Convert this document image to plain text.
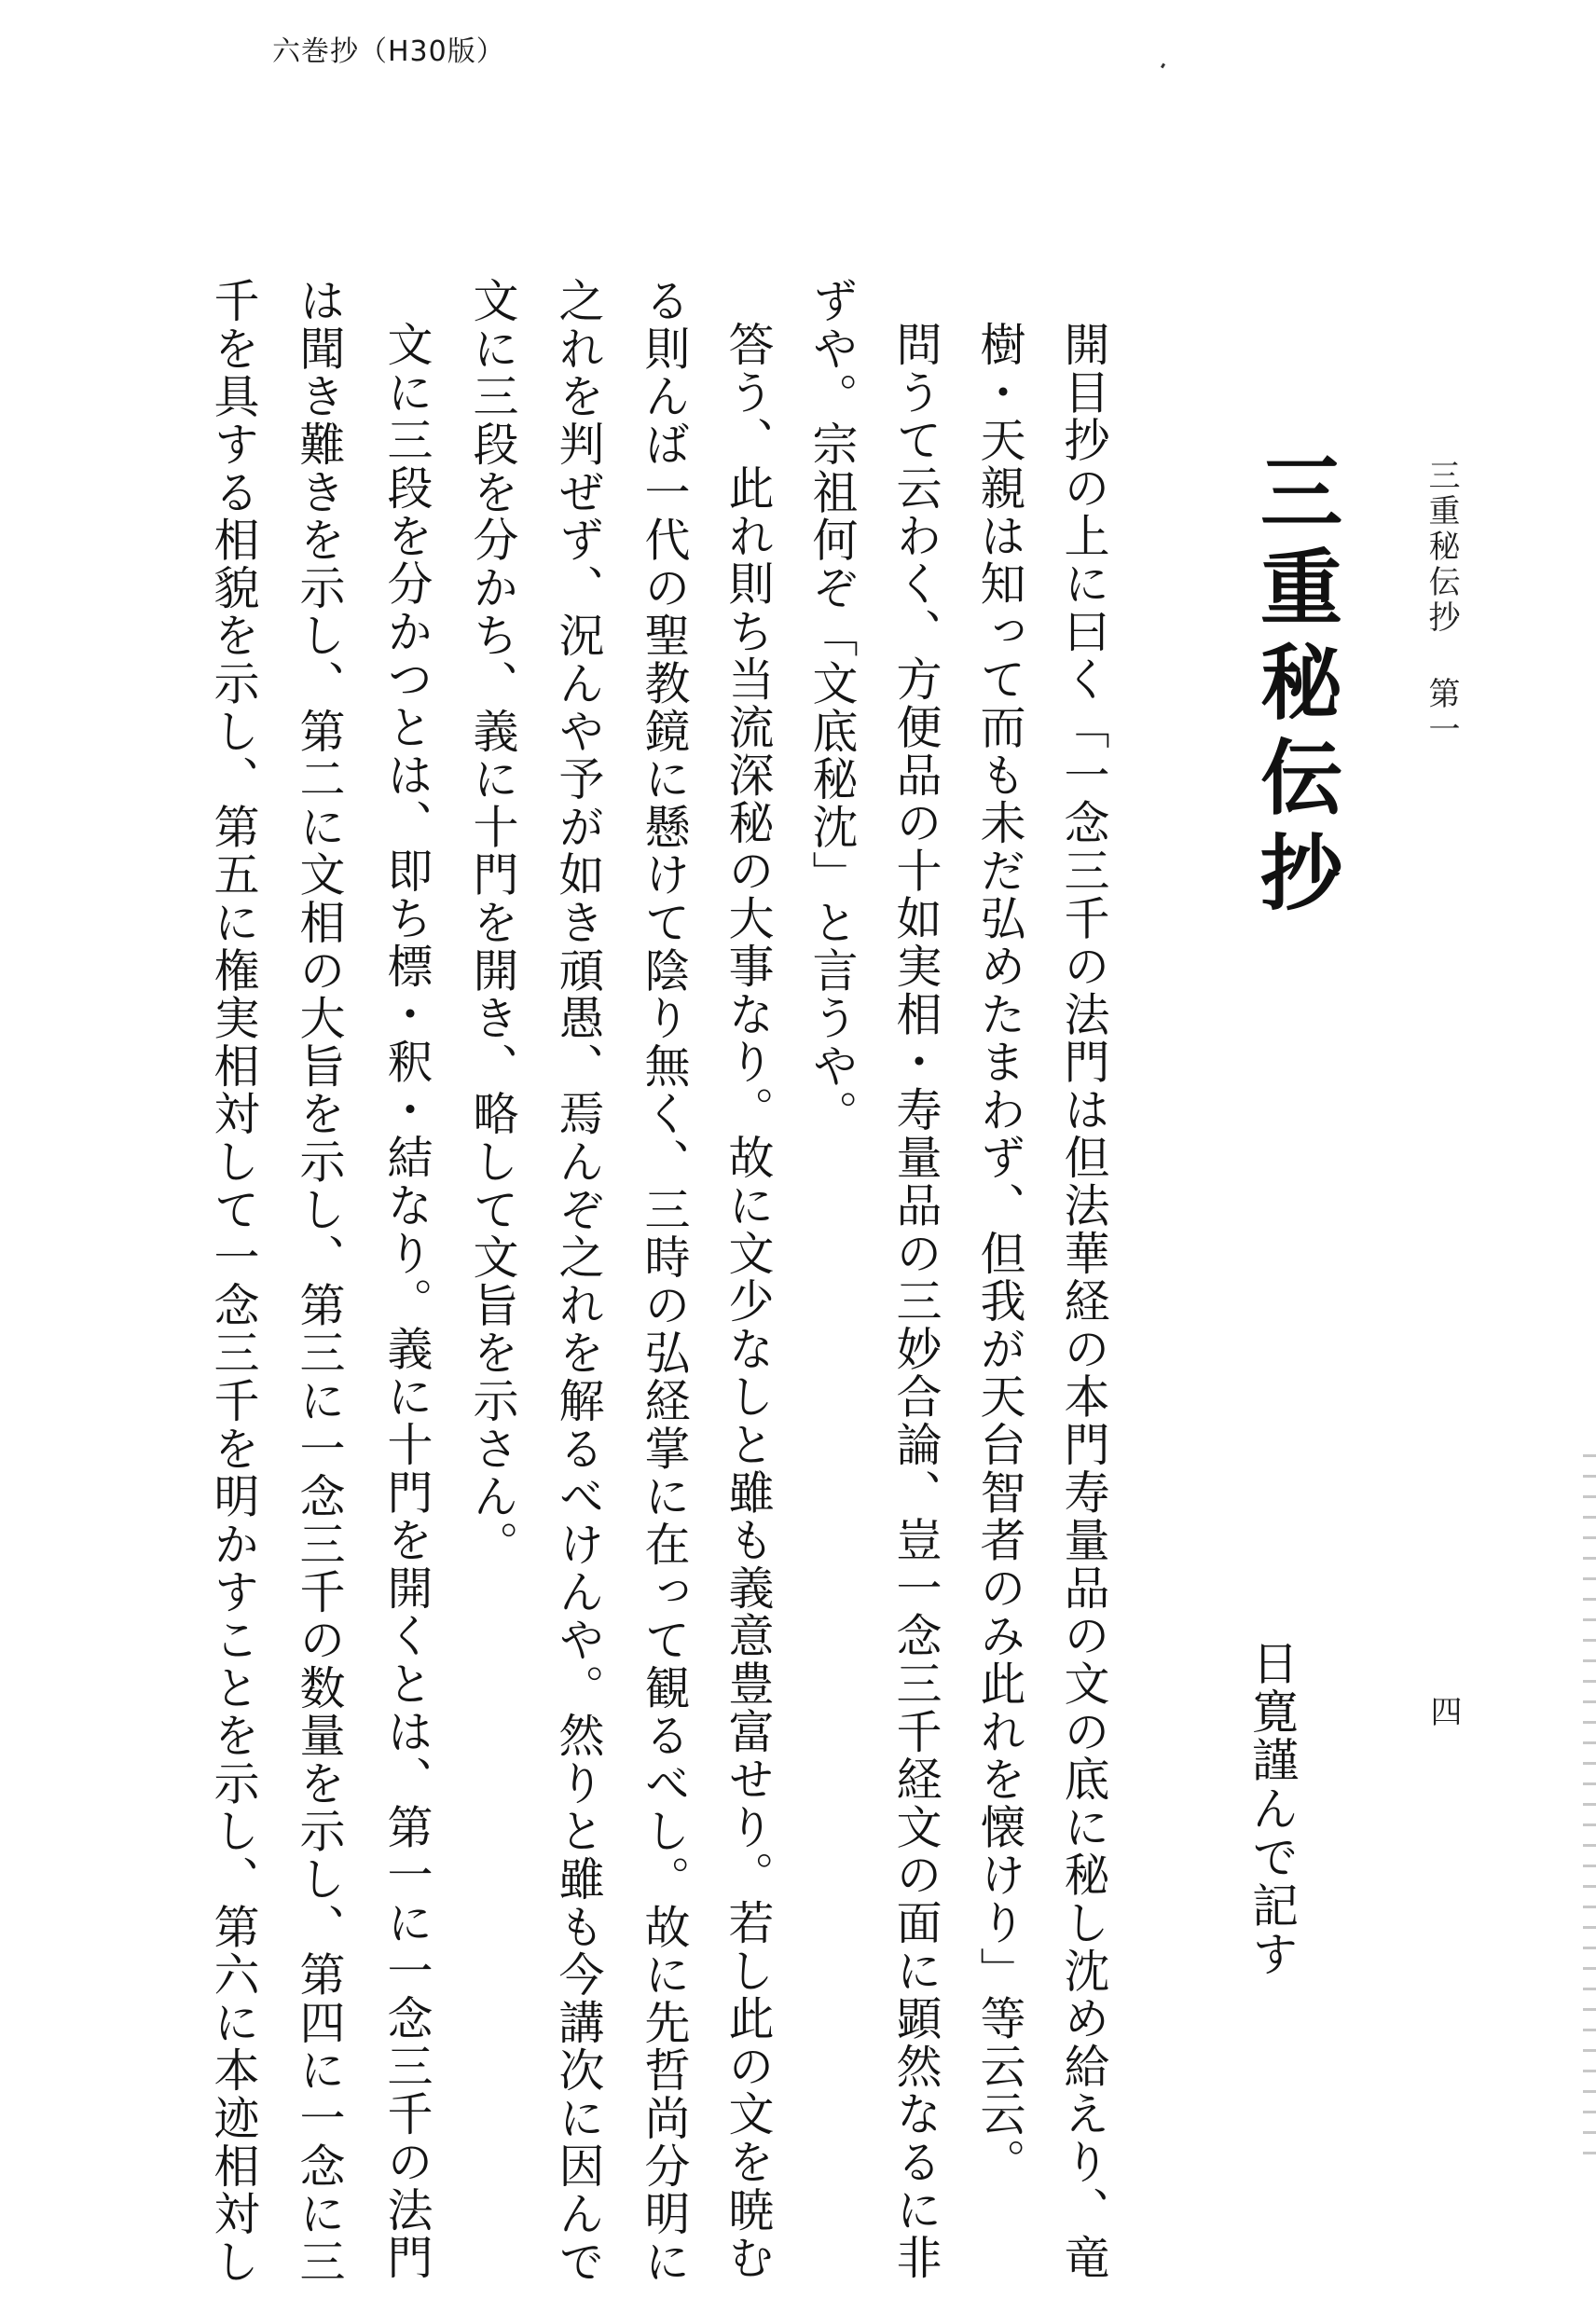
六巻抄（H30版）
三重秘伝抄 第一
四
三重秘伝抄
日寛謹んで記す
開目抄の上に曰く「一念三千の法門は但法華経の本門寿量品の文の底に秘し沈め給えり、竜
樹・天親は知って而も未だ弘めたまわず、但我が天台智者のみ此れを懐けり」等云云。
問うて云わく、方便品の十如実相・寿量品の三妙合論、豈一念三千経文の面に顕然なるに非
ずや。宗祖何ぞ「文底秘沈」と言うや。
答う、此れ則ち当流深秘の大事なり。故に文少なしと雖も義意豊富せり。若し此の文を暁む
る則んば一代の聖教鏡に懸けて陰り無く、三時の弘経掌に在って観るべし。故に先哲尚分明に
之れを判ぜず、況んや予が如き頑愚、焉んぞ之れを解るべけんや。然りと雖も今講次に因んで
文に三段を分かち、義に十門を開き、略して文旨を示さん。
文に三段を分かつとは、即ち標・釈・結なり。義に十門を開くとは、第一に一念三千の法門
は聞き難きを示し、第二に文相の大旨を示し、第三に一念三千の数量を示し、第四に一念に三
千を具する相貌を示し、第五に権実相対して一念三千を明かすことを示し、第六に本迹相対し
